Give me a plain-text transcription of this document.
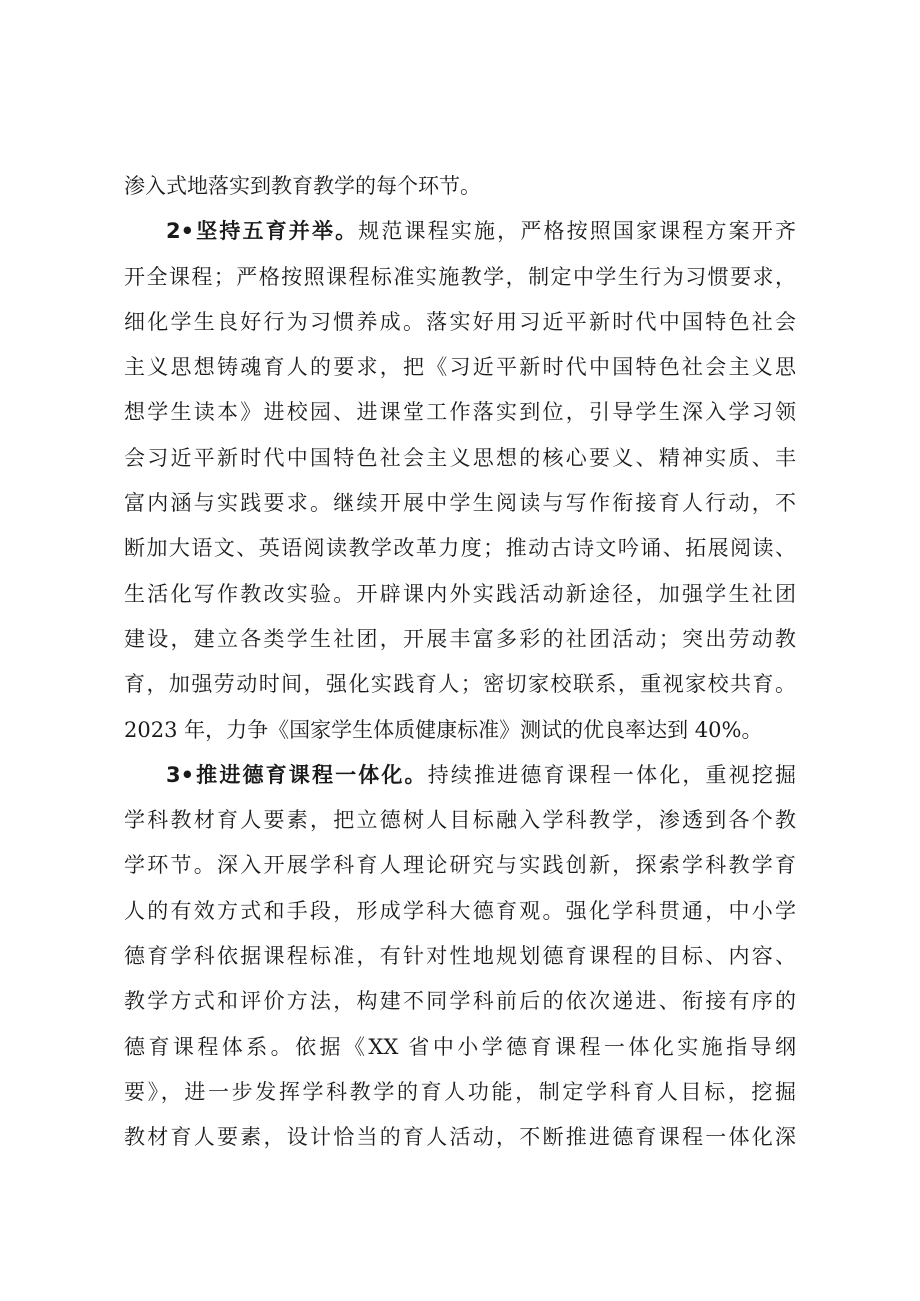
渗入式地落实到教育教学的每个环节。
2•坚持五育并举。规范课程实施，严格按照国家课程方案开齐
开全课程；严格按照课程标准实施教学，制定中学生行为习惯要求，
细化学生良好行为习惯养成。落实好用习近平新时代中国特色社会
主义思想铸魂育人的要求，把《习近平新时代中国特色社会主义思
想学生读本》进校园、进课堂工作落实到位，引导学生深入学习领
会习近平新时代中国特色社会主义思想的核心要义、精神实质、丰
富内涵与实践要求。继续开展中学生阅读与写作衔接育人行动，不
断加大语文、英语阅读教学改革力度；推动古诗文吟诵、拓展阅读、
生活化写作教改实验。开辟课内外实践活动新途径，加强学生社团
建设，建立各类学生社团，开展丰富多彩的社团活动；突出劳动教
育，加强劳动时间，强化实践育人；密切家校联系，重视家校共育。
2023 年，力争《国家学生体质健康标准》测试的优良率达到 40%。
3•推进德育课程一体化。持续推进德育课程一体化，重视挖掘
学科教材育人要素，把立德树人目标融入学科教学，渗透到各个教
学环节。深入开展学科育人理论研究与实践创新，探索学科教学育
人的有效方式和手段，形成学科大德育观。强化学科贯通，中小学
德育学科依据课程标准，有针对性地规划德育课程的目标、内容、
教学方式和评价方法，构建不同学科前后的依次递进、衔接有序的
德育课程体系。依据《XX 省中小学德育课程一体化实施指导纲
要》，进一步发挥学科教学的育人功能，制定学科育人目标，挖掘
教材育人要素，设计恰当的育人活动，不断推进德育课程一体化深
